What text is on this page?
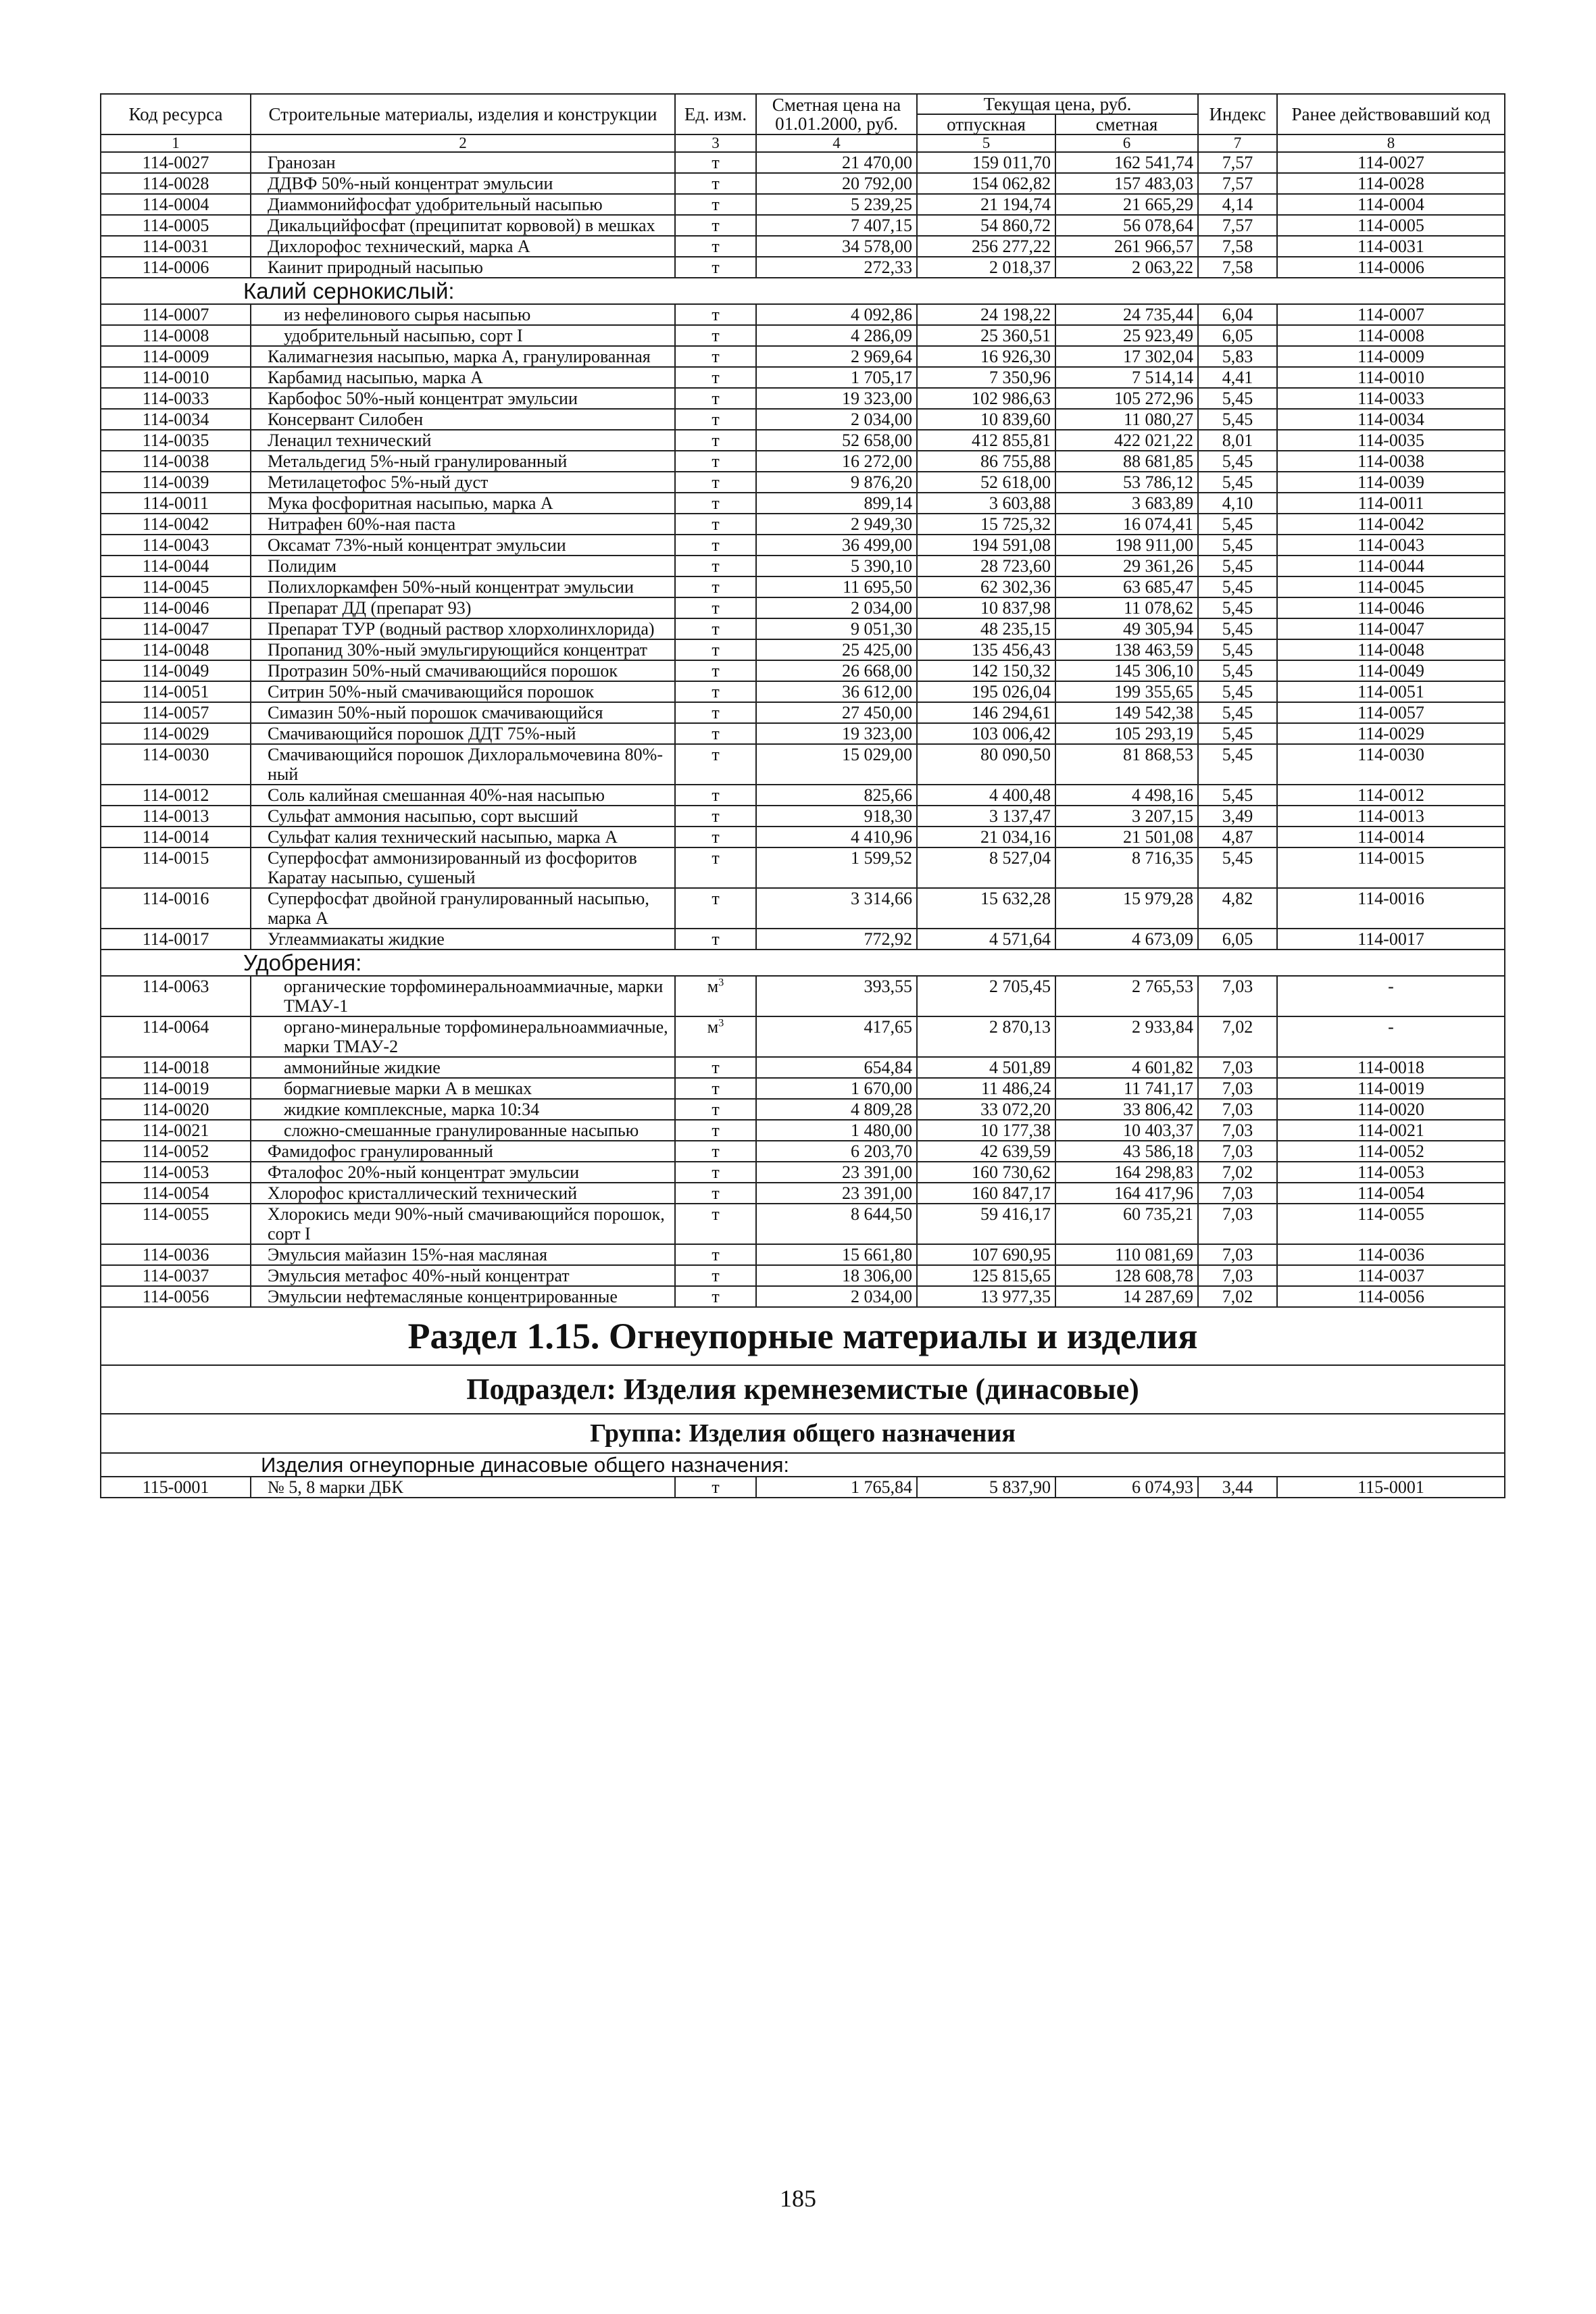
Код ресурса	Строительные материалы, изделия и конструкции	Ед. изм.	Сметная цена на 01.01.2000, руб.	Текущая цена, руб.		Индекс	Ранее действовавший код
				отпускная	сметная		
1	2	3	4	5	6	7	8
114-0027	Гранозан	т	21 470,00	159 011,70	162 541,74	7,57	114-0027
114-0028	ДДВФ 50%-ный концентрат эмульсии	т	20 792,00	154 062,82	157 483,03	7,57	114-0028
114-0004	Диаммонийфосфат удобрительный насыпью	т	5 239,25	21 194,74	21 665,29	4,14	114-0004
114-0005	Дикальцийфосфат (преципитат корвовой) в мешках	т	7 407,15	54 860,72	56 078,64	7,57	114-0005
114-0031	Дихлорофос технический, марка А	т	34 578,00	256 277,22	261 966,57	7,58	114-0031
114-0006	Каинит природный насыпью	т	272,33	2 018,37	2 063,22	7,58	114-0006
Калий сернокислый:							
114-0007	из нефелинового сырья насыпью	т	4 092,86	24 198,22	24 735,44	6,04	114-0007
114-0008	удобрительный насыпью, сорт I	т	4 286,09	25 360,51	25 923,49	6,05	114-0008
114-0009	Калимагнезия насыпью, марка А, гранулированная	т	2 969,64	16 926,30	17 302,04	5,83	114-0009
114-0010	Карбамид насыпью, марка А	т	1 705,17	7 350,96	7 514,14	4,41	114-0010
114-0033	Карбофос 50%-ный концентрат эмульсии	т	19 323,00	102 986,63	105 272,96	5,45	114-0033
114-0034	Консервант Силобен	т	2 034,00	10 839,60	11 080,27	5,45	114-0034
114-0035	Ленацил технический	т	52 658,00	412 855,81	422 021,22	8,01	114-0035
114-0038	Метальдегид 5%-ный гранулированный	т	16 272,00	86 755,88	88 681,85	5,45	114-0038
114-0039	Метилацетофос 5%-ный дуст	т	9 876,20	52 618,00	53 786,12	5,45	114-0039
114-0011	Мука фосфоритная насыпью, марка А	т	899,14	3 603,88	3 683,89	4,10	114-0011
114-0042	Нитрафен 60%-ная паста	т	2 949,30	15 725,32	16 074,41	5,45	114-0042
114-0043	Оксамат 73%-ный концентрат эмульсии	т	36 499,00	194 591,08	198 911,00	5,45	114-0043
114-0044	Полидим	т	5 390,10	28 723,60	29 361,26	5,45	114-0044
114-0045	Полихлоркамфен 50%-ный концентрат эмульсии	т	11 695,50	62 302,36	63 685,47	5,45	114-0045
114-0046	Препарат ДД (препарат 93)	т	2 034,00	10 837,98	11 078,62	5,45	114-0046
114-0047	Препарат ТУР (водный раствор хлорхолинхлорида)	т	9 051,30	48 235,15	49 305,94	5,45	114-0047
114-0048	Пропанид 30%-ный эмульгирующийся концентрат	т	25 425,00	135 456,43	138 463,59	5,45	114-0048
114-0049	Протразин 50%-ный смачивающийся порошок	т	26 668,00	142 150,32	145 306,10	5,45	114-0049
114-0051	Ситрин 50%-ный смачивающийся порошок	т	36 612,00	195 026,04	199 355,65	5,45	114-0051
114-0057	Симазин 50%-ный порошок смачивающийся	т	27 450,00	146 294,61	149 542,38	5,45	114-0057
114-0029	Смачивающийся порошок ДДТ 75%-ный	т	19 323,00	103 006,42	105 293,19	5,45	114-0029
114-0030	Смачивающийся порошок Дихлоральмочевина 80%-ный	т	15 029,00	80 090,50	81 868,53	5,45	114-0030
114-0012	Соль калийная смешанная 40%-ная насыпью	т	825,66	4 400,48	4 498,16	5,45	114-0012
114-0013	Сульфат аммония насыпью, сорт высший	т	918,30	3 137,47	3 207,15	3,49	114-0013
114-0014	Сульфат калия технический насыпью, марка А	т	4 410,96	21 034,16	21 501,08	4,87	114-0014
114-0015	Суперфосфат аммонизированный из фосфоритов Каратау насыпью, сушеный	т	1 599,52	8 527,04	8 716,35	5,45	114-0015
114-0016	Суперфосфат двойной гранулированный насыпью, марка А	т	3 314,66	15 632,28	15 979,28	4,82	114-0016
114-0017	Углеаммиакаты жидкие	т	772,92	4 571,64	4 673,09	6,05	114-0017
Удобрения:							
114-0063	органические торфоминеральноаммиачные, марки ТМАУ-1	$м^3$	393,55	2 705,45	2 765,53	7,03	-
114-0064	органо-минеральные торфоминеральноаммиачные, марки ТМАУ-2	$м^3$	417,65	2 870,13	2 933,84	7,02	-
114-0018	аммонийные жидкие	т	654,84	4 501,89	4 601,82	7,03	114-0018
114-0019	бормагниевые марки А в мешках	т	1 670,00	11 486,24	11 741,17	7,03	114-0019
114-0020	жидкие комплексные, марка 10:34	т	4 809,28	33 072,20	33 806,42	7,03	114-0020
114-0021	сложно-смешанные гранулированные насыпью	т	1 480,00	10 177,38	10 403,37	7,03	114-0021
114-0052	Фамидофос гранулированный	т	6 203,70	42 639,59	43 586,18	7,03	114-0052
114-0053	Фталофос 20%-ный концентрат эмульсии	т	23 391,00	160 730,62	164 298,83	7,02	114-0053
114-0054	Хлорофос кристаллический технический	т	23 391,00	160 847,17	164 417,96	7,03	114-0054
114-0055	Хлорокись меди 90%-ный смачивающийся порошок, сорт I	т	8 644,50	59 416,17	60 735,21	7,03	114-0055
114-0036	Эмульсия майазин 15%-ная масляная	т	15 661,80	107 690,95	110 081,69	7,03	114-0036
114-0037	Эмульсия метафос 40%-ный концентрат	т	18 306,00	125 815,65	128 608,78	7,03	114-0037
114-0056	Эмульсии нефтемасляные концентрированные	т	2 034,00	13 977,35	14 287,69	7,02	114-0056
Раздел 1.15. Огнеупорные материалы и изделия							
Подраздел: Изделия кремнеземистые (динасовые)							
Группа: Изделия общего назначения							
Изделия огнеупорные динасовые общего назначения:							
115-0001	№ 5, 8 марки ДБК	т	1 765,84	5 837,90	6 074,93	3,44	115-0001
185
